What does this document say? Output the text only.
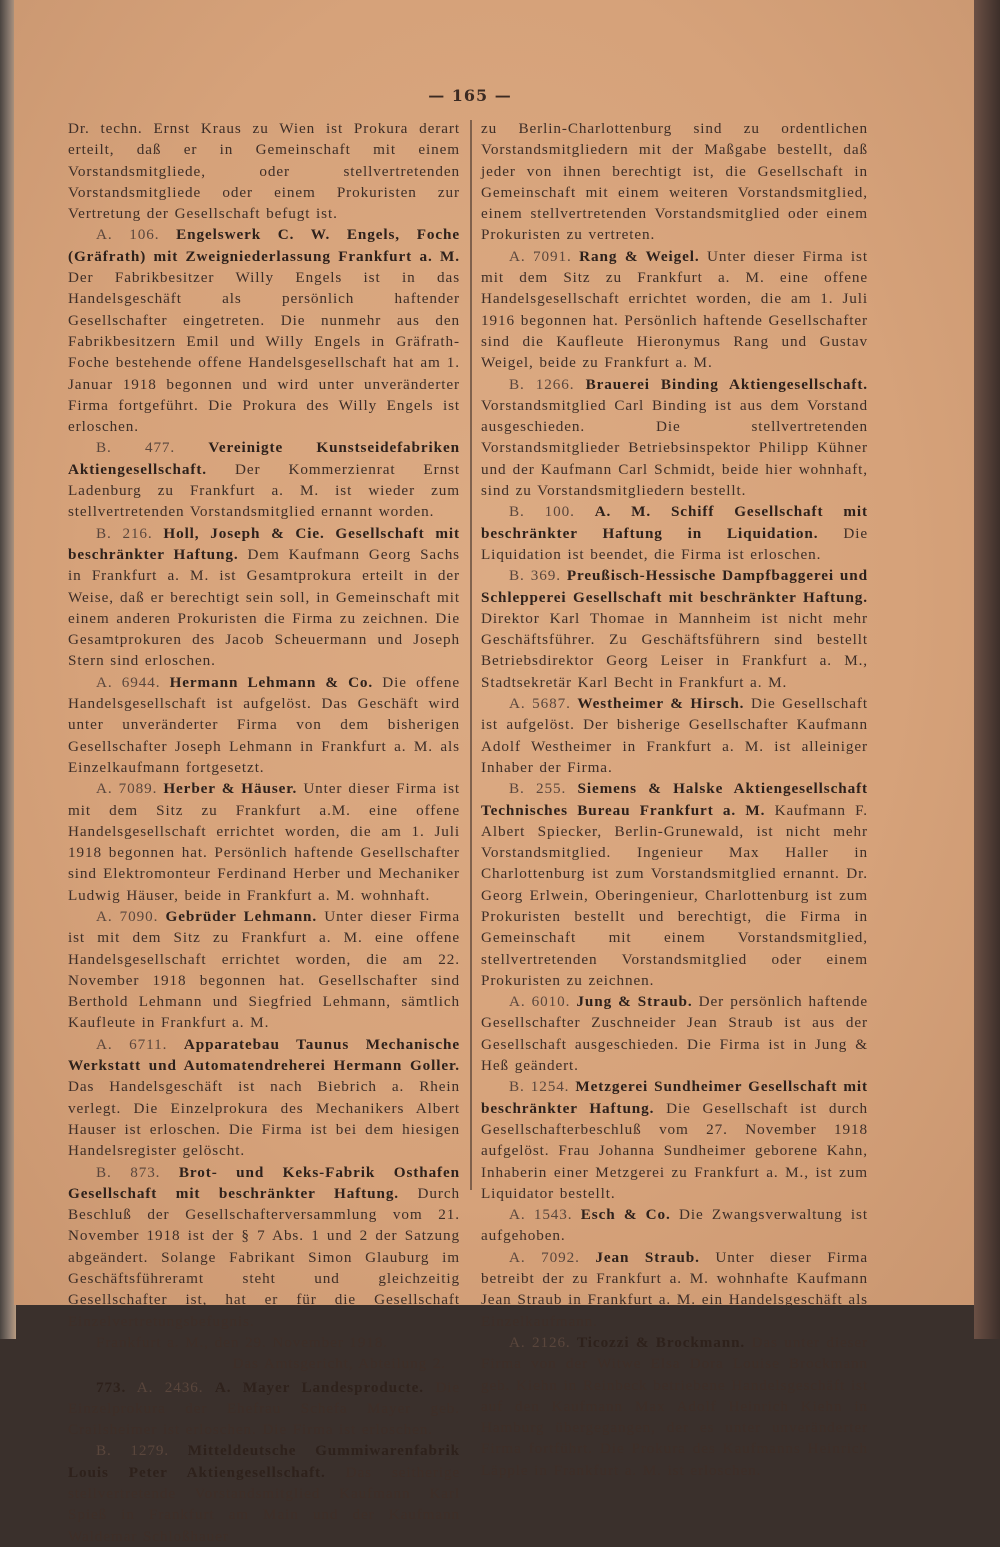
— 165 —

Dr. techn. Ernst Kraus zu Wien ist Prokura derart erteilt, daß er in Gemeinschaft mit einem Vorstandsmitgliede, oder stellvertretenden Vorstandsmitgliede oder einem Prokuristen zur Vertretung der Gesellschaft befugt ist.

A. 106. Engelswerk C. W. Engels, Foche (Gräfrath) mit Zweigniederlassung Frankfurt a. M. Der Fabrikbesitzer Willy Engels ist in das Handelsgeschäft als persönlich haftender Gesellschafter eingetreten. Die nunmehr aus den Fabrikbesitzern Emil und Willy Engels in Gräfrath-Foche bestehende offene Handelsgesellschaft hat am 1. Januar 1918 begonnen und wird unter unveränderter Firma fortgeführt. Die Prokura des Willy Engels ist erloschen.

B. 477. Vereinigte Kunstseidefabriken Aktiengesellschaft. Der Kommerzienrat Ernst Ladenburg zu Frankfurt a. M. ist wieder zum stellvertretenden Vorstandsmitglied ernannt worden.

B. 216. Holl, Joseph & Cie. Gesellschaft mit beschränkter Haftung. Dem Kaufmann Georg Sachs in Frankfurt a. M. ist Gesamtprokura erteilt in der Weise, daß er berechtigt sein soll, in Gemeinschaft mit einem anderen Prokuristen die Firma zu zeichnen. Die Gesamtprokuren des Jacob Scheuermann und Joseph Stern sind erloschen.

A. 6944. Hermann Lehmann & Co. Die offene Handelsgesellschaft ist aufgelöst. Das Geschäft wird unter unveränderter Firma von dem bisherigen Gesellschafter Joseph Lehmann in Frankfurt a. M. als Einzelkaufmann fortgesetzt.

A. 7089. Herber & Häuser. Unter dieser Firma ist mit dem Sitz zu Frankfurt a.M. eine offene Handelsgesellschaft errichtet worden, die am 1. Juli 1918 begonnen hat. Persönlich haftende Gesellschafter sind Elektromonteur Ferdinand Herber und Mechaniker Ludwig Häuser, beide in Frankfurt a. M. wohnhaft.

A. 7090. Gebrüder Lehmann. Unter dieser Firma ist mit dem Sitz zu Frankfurt a. M. eine offene Handelsgesellschaft errichtet worden, die am 22. November 1918 begonnen hat. Gesellschafter sind Berthold Lehmann und Siegfried Lehmann, sämtlich Kaufleute in Frankfurt a. M.

A. 6711. Apparatebau Taunus Mechanische Werkstatt und Automatendreherei Hermann Goller. Das Handelsgeschäft ist nach Biebrich a. Rhein verlegt. Die Einzelprokura des Mechanikers Albert Hauser ist erloschen. Die Firma ist bei dem hiesigen Handelsregister gelöscht.

B. 873. Brot- und Keks-Fabrik Osthafen Gesellschaft mit beschränkter Haftung. Durch Beschluß der Gesellschafterversammlung vom 21. November 1918 ist der § 7 Abs. 1 und 2 der Satzung abgeändert. Solange Fabrikant Simon Glauburg im Geschäftsführeramt steht und gleichzeitig Gesellschafter ist, hat er für die Gesellschaft Einzelvertretungsbefugnis.

Frankfurt a. M., den 29. November 1918.

Das Amtsgericht, Abteilung 2.

773. A. 2436. A. Mayer Landesproducte. Die Einzelprokura der Ehefrau Schefa Mayer geb. Crailsheimer ist erloschen. Die Firma ist erloschen.

B. 1279. Mitteldeutsche Gummiwarenfabrik Louis Peter Aktiengesellschaft. Das seitherige stellvertretende Vorstandsmitglied Kaufmann Karl Spieß in Frankfurt am Main und der Kaufmann Waldemar Schloßhauer

zu Berlin-Charlottenburg sind zu ordentlichen Vorstandsmitgliedern mit der Maßgabe bestellt, daß jeder von ihnen berechtigt ist, die Gesellschaft in Gemeinschaft mit einem weiteren Vorstandsmitglied, einem stellvertretenden Vorstandsmitglied oder einem Prokuristen zu vertreten.

A. 7091. Rang & Weigel. Unter dieser Firma ist mit dem Sitz zu Frankfurt a. M. eine offene Handelsgesellschaft errichtet worden, die am 1. Juli 1916 begonnen hat. Persönlich haftende Gesellschafter sind die Kaufleute Hieronymus Rang und Gustav Weigel, beide zu Frankfurt a. M.

B. 1266. Brauerei Binding Aktiengesellschaft. Vorstandsmitglied Carl Binding ist aus dem Vorstand ausgeschieden. Die stellvertretenden Vorstandsmitglieder Betriebsinspektor Philipp Kühner und der Kaufmann Carl Schmidt, beide hier wohnhaft, sind zu Vorstandsmitgliedern bestellt.

B. 100. A. M. Schiff Gesellschaft mit beschränkter Haftung in Liquidation. Die Liquidation ist beendet, die Firma ist erloschen.

B. 369. Preußisch-Hessische Dampfbaggerei und Schlepperei Gesellschaft mit beschränkter Haftung. Direktor Karl Thomae in Mannheim ist nicht mehr Geschäftsführer. Zu Geschäftsführern sind bestellt Betriebsdirektor Georg Leiser in Frankfurt a. M., Stadtsekretär Karl Becht in Frankfurt a. M.

A. 5687. Westheimer & Hirsch. Die Gesellschaft ist aufgelöst. Der bisherige Gesellschafter Kaufmann Adolf Westheimer in Frankfurt a. M. ist alleiniger Inhaber der Firma.

B. 255. Siemens & Halske Aktiengesellschaft Technisches Bureau Frankfurt a. M. Kaufmann F. Albert Spiecker, Berlin-Grunewald, ist nicht mehr Vorstandsmitglied. Ingenieur Max Haller in Charlottenburg ist zum Vorstandsmitglied ernannt. Dr. Georg Erlwein, Oberingenieur, Charlottenburg ist zum Prokuristen bestellt und berechtigt, die Firma in Gemeinschaft mit einem Vorstandsmitglied, stellvertretenden Vorstandsmitglied oder einem Prokuristen zu zeichnen.

A. 6010. Jung & Straub. Der persönlich haftende Gesellschafter Zuschneider Jean Straub ist aus der Gesellschaft ausgeschieden. Die Firma ist in Jung & Heß geändert.

B. 1254. Metzgerei Sundheimer Gesellschaft mit beschränkter Haftung. Die Gesellschaft ist durch Gesellschafterbeschluß vom 27. November 1918 aufgelöst. Frau Johanna Sundheimer geborene Kahn, Inhaberin einer Metzgerei zu Frankfurt a. M., ist zum Liquidator bestellt.

A. 1543. Esch & Co. Die Zwangsverwaltung ist aufgehoben.

A. 7092. Jean Straub. Unter dieser Firma betreibt der zu Frankfurt a. M. wohnhafte Kaufmann Jean Straub in Frankfurt a. M. ein Handelsgeschäft als Einzelkaufmann.

A. 2126. Ticozzi & Brockmann. Das unter dieser Firma von der Witwe Elsa Dora Louise Brockmann geb. Kiehn in Reinbeck betriebene Handelsgeschäft ist auf den Kaufmann Max Adolf Heinrich Kiehn in Hamburg übergegangen, der es unter unveränderter Firma fortführt. Die Prokura des Kaufmanns Heinrich Läpple in Frankfurt a. M. ist erloschen.
